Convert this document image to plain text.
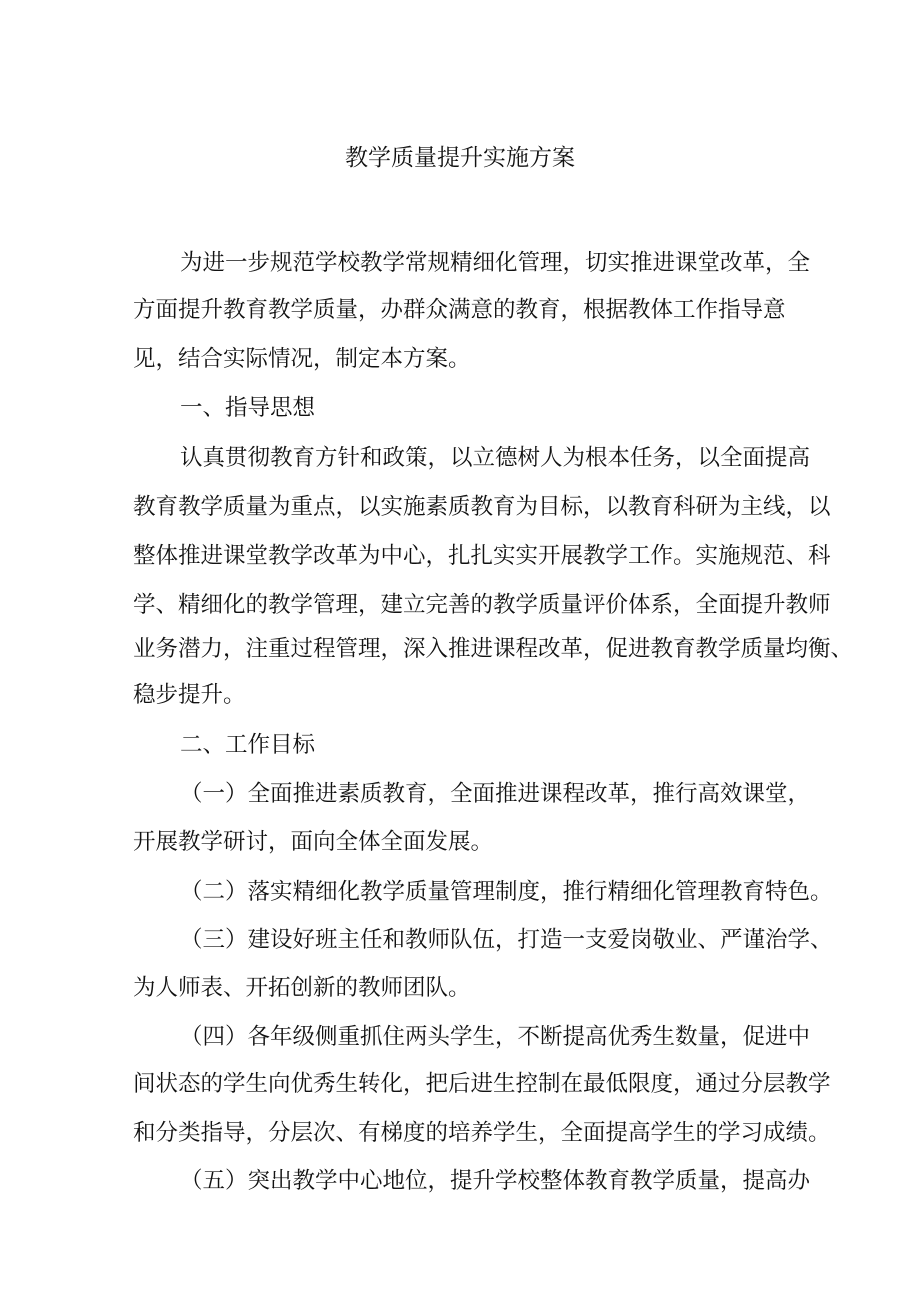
教学质量提升实施方案
为进一步规范学校教学常规精细化管理，切实推进课堂改革，全
方面提升教育教学质量，办群众满意的教育，根据教体工作指导意
见，结合实际情况，制定本方案。
一、指导思想
认真贯彻教育方针和政策，以立德树人为根本任务，以全面提高
教育教学质量为重点，以实施素质教育为目标，以教育科研为主线，以
整体推进课堂教学改革为中心，扎扎实实开展教学工作。实施规范、科
学、精细化的教学管理，建立完善的教学质量评价体系，全面提升教师
业务潜力，注重过程管理，深入推进课程改革，促进教育教学质量均衡、
稳步提升。
二、工作目标
（一）全面推进素质教育，全面推进课程改革，推行高效课堂，
开展教学研讨，面向全体全面发展。
（二）落实精细化教学质量管理制度，推行精细化管理教育特色。
（三）建设好班主任和教师队伍，打造一支爱岗敬业、严谨治学、
为人师表、开拓创新的教师团队。
（四）各年级侧重抓住两头学生，不断提高优秀生数量，促进中
间状态的学生向优秀生转化，把后进生控制在最低限度，通过分层教学
和分类指导，分层次、有梯度的培养学生，全面提高学生的学习成绩。
（五）突出教学中心地位，提升学校整体教育教学质量，提高办
